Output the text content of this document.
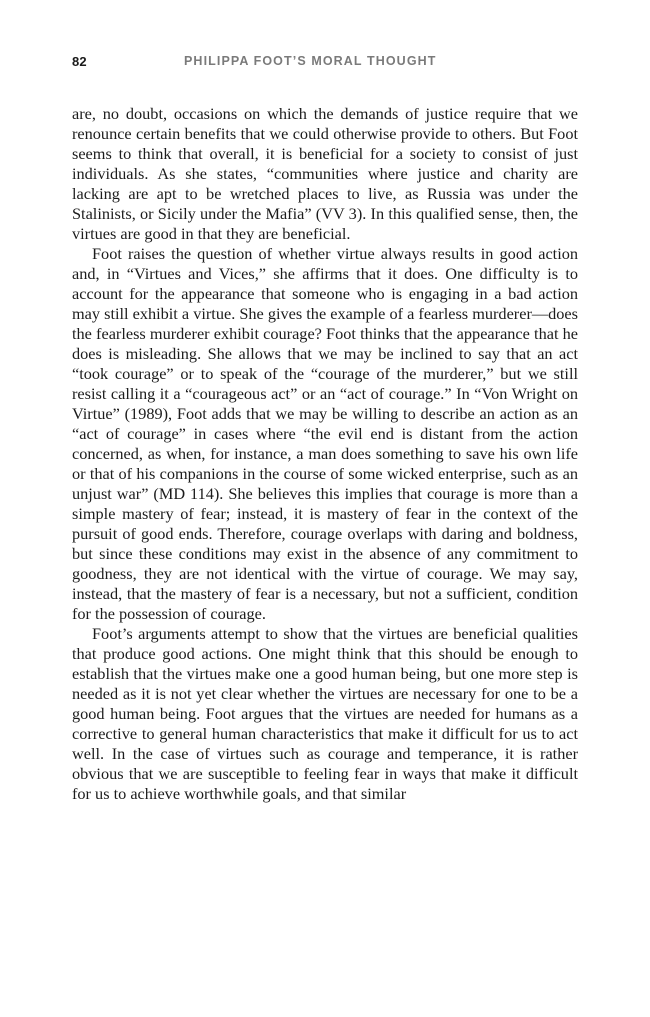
82	PHILIPPA FOOT’S MORAL THOUGHT

are, no doubt, occasions on which the demands of justice require that we renounce certain benefits that we could otherwise provide to others. But Foot seems to think that overall, it is beneficial for a society to consist of just individuals. As she states, “communities where justice and charity are lacking are apt to be wretched places to live, as Russia was under the Stalinists, or Sicily under the Mafia” (VV 3). In this qualified sense, then, the virtues are good in that they are beneficial.

Foot raises the question of whether virtue always results in good action and, in “Virtues and Vices,” she affirms that it does. One difficulty is to account for the appearance that someone who is engaging in a bad action may still exhibit a virtue. She gives the example of a fearless murderer—does the fearless murderer exhibit courage? Foot thinks that the appearance that he does is misleading. She allows that we may be inclined to say that an act “took courage” or to speak of the “courage of the murderer,” but we still resist calling it a “courageous act” or an “act of courage.” In “Von Wright on Virtue” (1989), Foot adds that we may be willing to describe an action as an “act of courage” in cases where “the evil end is distant from the action concerned, as when, for instance, a man does something to save his own life or that of his companions in the course of some wicked enterprise, such as an unjust war” (MD 114). She believes this implies that courage is more than a simple mastery of fear; instead, it is mastery of fear in the context of the pursuit of good ends. Therefore, courage overlaps with daring and boldness, but since these conditions may exist in the absence of any commitment to goodness, they are not identical with the virtue of courage. We may say, instead, that the mastery of fear is a necessary, but not a sufficient, condition for the possession of courage.

Foot’s arguments attempt to show that the virtues are beneficial qualities that produce good actions. One might think that this should be enough to establish that the virtues make one a good human being, but one more step is needed as it is not yet clear whether the virtues are necessary for one to be a good human being. Foot argues that the virtues are needed for humans as a corrective to general human characteristics that make it difficult for us to act well. In the case of virtues such as courage and temperance, it is rather obvious that we are susceptible to feeling fear in ways that make it difficult for us to achieve worthwhile goals, and that similar
